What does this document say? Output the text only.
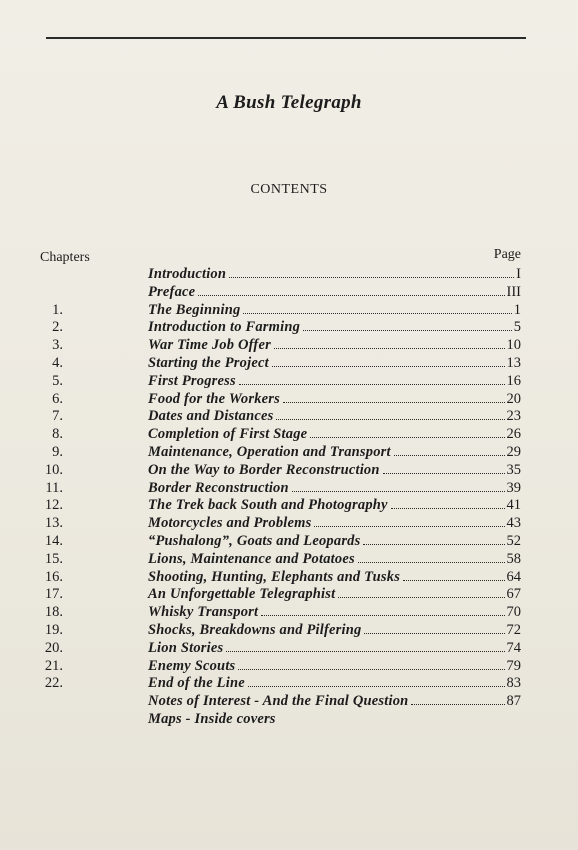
A Bush Telegraph
CONTENTS
Chapters	Page
Introduction	I
Preface	III
1.	The Beginning	1
2.	Introduction to Farming	5
3.	War Time Job Offer	10
4.	Starting the Project	13
5.	First Progress	16
6.	Food for the Workers	20
7.	Dates and Distances	23
8.	Completion of First Stage	26
9.	Maintenance, Operation and Transport	29
10.	On the Way to Border Reconstruction	35
11.	Border Reconstruction	39
12.	The Trek back South and Photography	41
13.	Motorcycles and Problems	43
14.	“Pushalong”, Goats and Leopards	52
15.	Lions, Maintenance and Potatoes	58
16.	Shooting, Hunting, Elephants and Tusks	64
17.	An Unforgettable Telegraphist	67
18.	Whisky Transport	70
19.	Shocks, Breakdowns and Pilfering	72
20.	Lion Stories	74
21.	Enemy Scouts	79
22.	End of the Line	83
Notes of Interest - And the Final Question	87
Maps - Inside covers
